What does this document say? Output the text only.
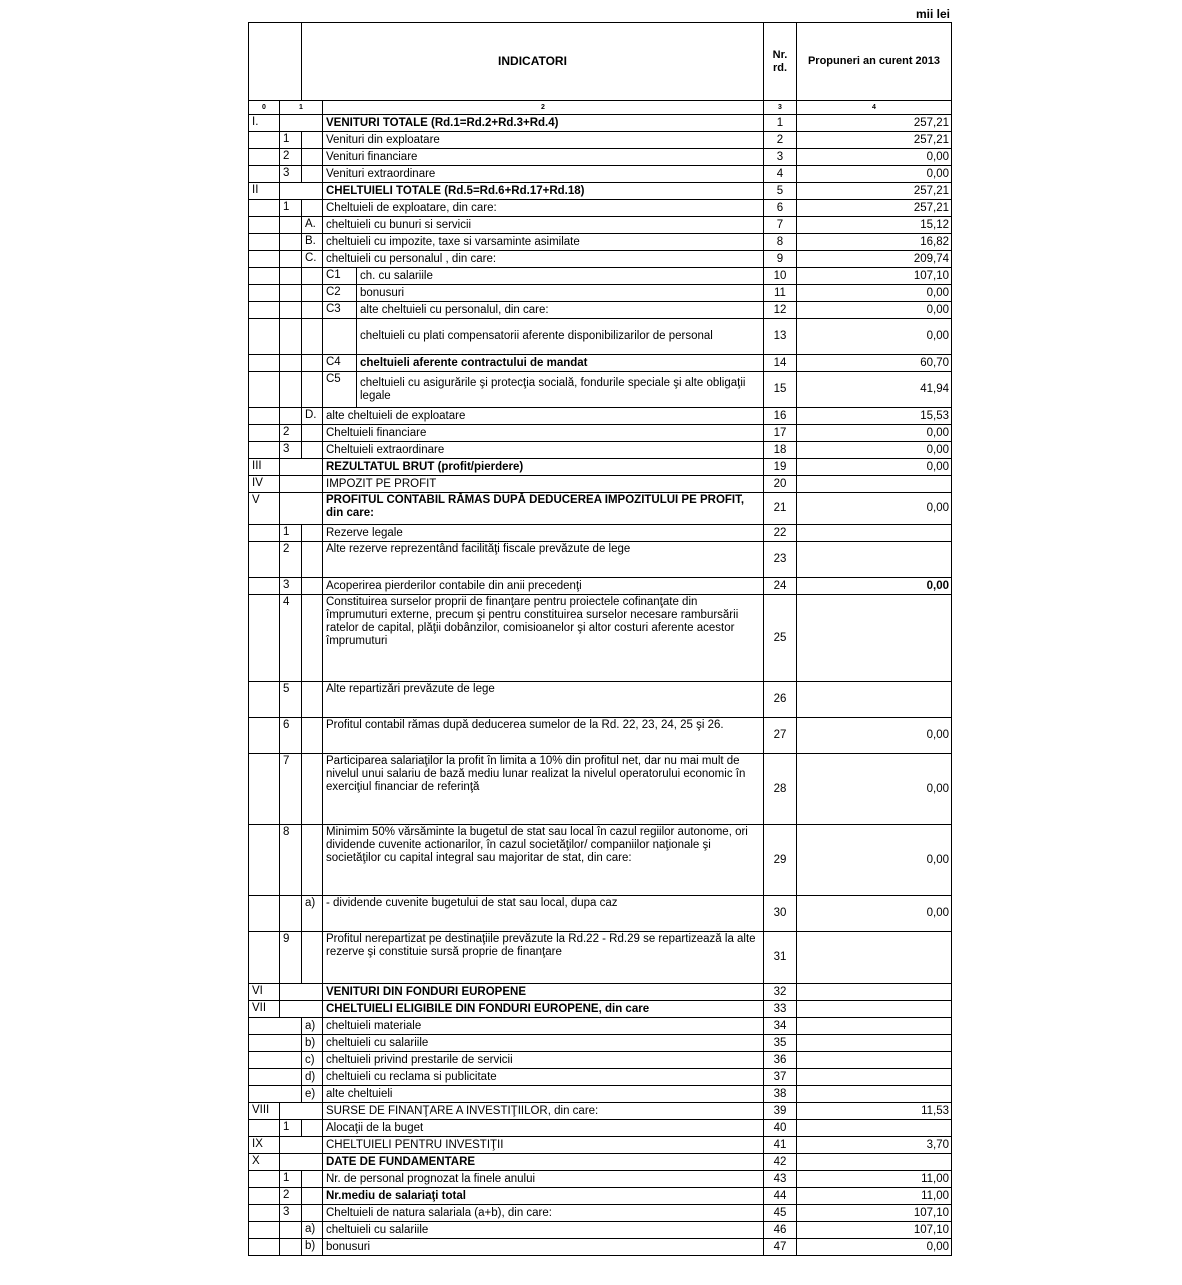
mii lei
		INDICATORI			Nr. rd.	Propuneri an curent 2013
0	1		2		3	4
I.			VENITURI TOTALE (Rd.1=Rd.2+Rd.3+Rd.4)		1	257,21
	1		Venituri din exploatare		2	257,21
	2		Venituri financiare		3	0,00
	3		Venituri extraordinare		4	0,00
II			CHELTUIELI TOTALE (Rd.5=Rd.6+Rd.17+Rd.18)		5	257,21
	1		Cheltuieli de exploatare, din care:		6	257,21
		A.	cheltuieli cu bunuri si servicii		7	15,12
		B.	cheltuieli cu impozite, taxe si varsaminte asimilate		8	16,82
		C.	cheltuieli cu personalul , din care:		9	209,74
			C1	ch. cu salariile	10	107,10
			C2	bonusuri	11	0,00
			C3	alte cheltuieli cu personalul, din care:	12	0,00
				cheltuieli cu plati compensatorii aferente disponibilizarilor de personal	13	0,00
			C4	cheltuieli aferente contractului de mandat	14	60,70
			C5	cheltuieli cu asigurările şi protecţia socială, fondurile speciale şi alte obligaţii legale	15	41,94
		D.	alte cheltuieli de exploatare		16	15,53
	2		Cheltuieli financiare		17	0,00
	3		Cheltuieli extraordinare		18	0,00
III			REZULTATUL BRUT (profit/pierdere)		19	0,00
IV			IMPOZIT PE PROFIT		20	
V			PROFITUL CONTABIL RĂMAS DUPĂ DEDUCEREA IMPOZITULUI PE PROFIT, din care:		21	0,00
	1		Rezerve legale		22	
	2		Alte rezerve reprezentând facilităţi fiscale prevăzute de lege		23	
	3		Acoperirea pierderilor contabile din anii precedenţi		24	0,00
	4		Constituirea surselor proprii de finanţare pentru proiectele cofinanţate din împrumuturi externe, precum şi pentru constituirea surselor necesare rambursării ratelor de capital, plăţii dobânzilor, comisioanelor şi altor costuri aferente acestor împrumuturi		25	
	5		Alte repartizări prevăzute de lege		26	
	6		Profitul contabil rămas după deducerea sumelor de la Rd. 22, 23, 24, 25 şi 26.		27	0,00
	7		Participarea salariaţilor la profit în limita a 10% din profitul net, dar nu mai mult de nivelul unui salariu de bază mediu lunar realizat la nivelul operatorului economic în exerciţiul financiar de referinţă		28	0,00
	8		Minimim 50% vărsăminte la bugetul de stat sau local în cazul regiilor autonome, ori dividende cuvenite actionarilor, în cazul societăţilor/ companiilor naţionale şi societăţilor cu capital integral sau majoritar de stat, din care:		29	0,00
		a)	- dividende cuvenite bugetului de stat sau local, dupa caz		30	0,00
	9		Profitul nerepartizat pe destinaţiile prevăzute la Rd.22 - Rd.29 se repartizează la alte rezerve şi constituie sursă proprie de finanţare		31	
VI			VENITURI DIN FONDURI EUROPENE		32	
VII			CHELTUIELI ELIGIBILE DIN FONDURI EUROPENE, din care		33	
		a)	cheltuieli materiale		34	
		b)	cheltuieli cu salariile		35	
		c)	cheltuieli privind prestarile de servicii		36	
		d)	cheltuieli cu reclama si publicitate		37	
		e)	alte cheltuieli		38	
VIII			SURSE DE FINANŢARE A INVESTIŢIILOR, din care:		39	11,53
	1		Alocaţii de la buget		40	
IX			CHELTUIELI PENTRU INVESTIŢII		41	3,70
X			DATE DE FUNDAMENTARE		42	
	1		Nr. de personal prognozat la finele anului		43	11,00
	2		Nr.mediu de salariaţi total		44	11,00
	3		Cheltuieli de natura salariala (a+b), din care:		45	107,10
		a)	cheltuieli cu salariile		46	107,10
		b)	bonusuri		47	0,00
